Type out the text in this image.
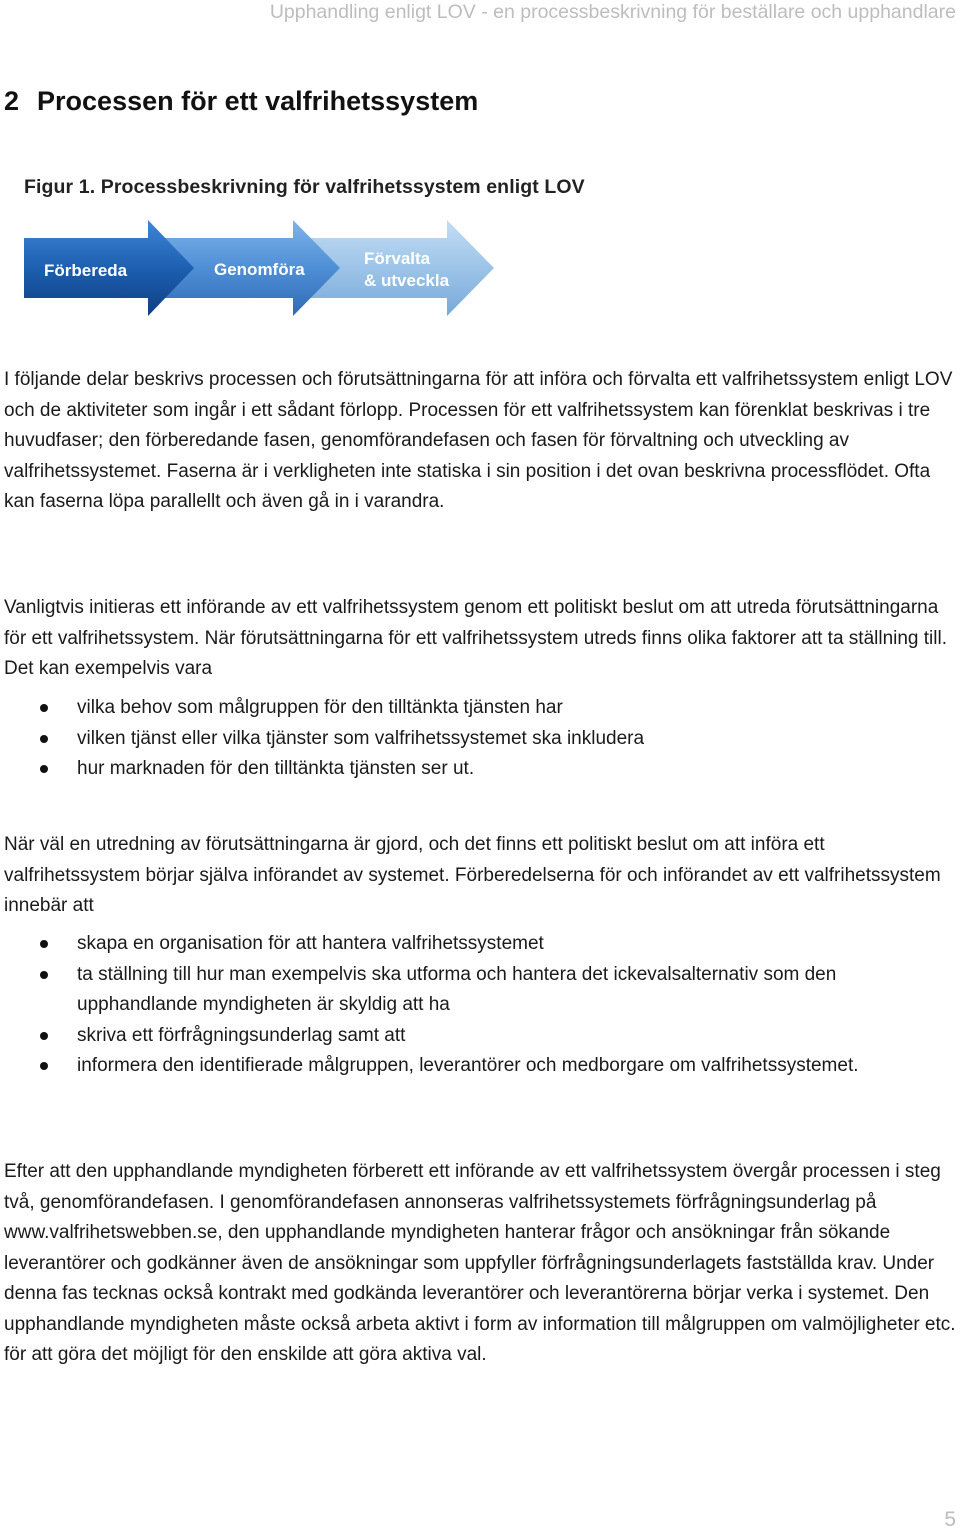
Upphandling enligt LOV - en processbeskrivning för beställare och upphandlare
2 Processen för ett valfrihetssystem
Förbereda	Genomföra
Förvalta
& utveckla
Figur 1. Processbeskrivning för valfrihetssystem enligt LOV

I följande delar beskrivs processen och förutsättningarna för att införa och förvalta ett valfrihetssystem enligt LOV och de aktiviteter som ingår i ett sådant förlopp. Processen för ett valfrihetssystem kan förenklat beskrivas i tre huvudfaser; den förberedande fasen, genomförandefasen och fasen för förvaltning och utveckling av valfrihetssystemet. Faserna är i verkligheten inte statiska i sin position i det ovan beskrivna processflödet. Ofta kan faserna löpa parallellt och även gå in i varandra.

Vanligtvis initieras ett införande av ett valfrihetssystem genom ett politiskt beslut om att utreda förutsättningarna för ett valfrihetssystem. När förutsättningarna för ett valfrihetssystem utreds finns olika faktorer att ta ställning till. Det kan exempelvis vara

vilka behov som målgruppen för den tilltänkta tjänsten har
vilken tjänst eller vilka tjänster som valfrihetssystemet ska inkludera
hur marknaden för den tilltänkta tjänsten ser ut.

När väl en utredning av förutsättningarna är gjord, och det finns ett politiskt beslut om att införa ett valfrihetssystem börjar själva införandet av systemet. Förberedelserna för och införandet av ett valfrihetssystem innebär att

skapa en organisation för att hantera valfrihetssystemet
ta ställning till hur man exempelvis ska utforma och hantera det ickevalsalternativ som den upphandlande myndigheten är skyldig att ha
skriva ett förfrågningsunderlag samt att
informera den identifierade målgruppen, leverantörer och medborgare om valfrihetssystemet.

Efter att den upphandlande myndigheten förberett ett införande av ett valfrihetssystem övergår processen i steg två, genomförandefasen. I genomförandefasen annonseras valfrihetssystemets förfrågningsunderlag på www.valfrihetswebben.se, den upphandlande myndigheten hanterar frågor och ansökningar från sökande leverantörer och godkänner även de ansökningar som uppfyller förfrågningsunderlagets fastställda krav. Under denna fas tecknas också kontrakt med godkända leverantörer och leverantörerna börjar verka i systemet. Den upphandlande myndigheten måste också arbeta aktivt i form av information till målgruppen om valmöjligheter etc. för att göra det möjligt för den enskilde att göra aktiva val.

5
